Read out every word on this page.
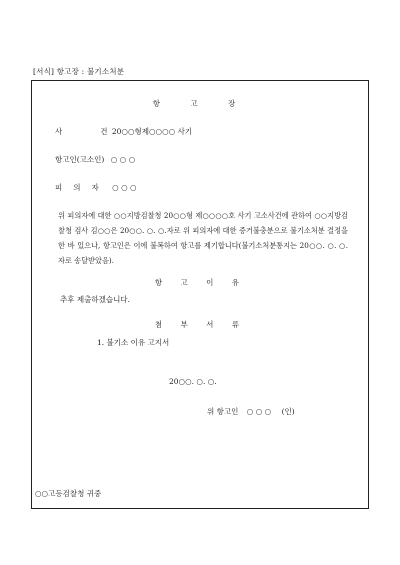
[서식] 항고장 : 불기소처분
항 고 장
사	건 20○○형제○○○○ 사기
항고인(고소인) ○ ○ ○
피의자 ○ ○ ○
위 피의자에 대한 ○○지방검찰청 20○○형 제○○○○호 사기 고소사건에 관하여 ○○지방검찰청 검사 김○○은 20○○. ○. ○.자로 위 피의자에 대한 증거불충분으로 불기소처분 결정을 한 바 있으나, 항고인은 이에 불복하여 항고를 제기합니다(불기소처분통지는 20○○. ○. ○.자로 송달받았음).
항 고 이 유
추후 제출하겠습니다.
첨 부 서 류
1. 불기소 이유 고지서
20○○. ○. ○.
위 항고인 ○ ○ ○ (인)
○○고등검찰청 귀중
